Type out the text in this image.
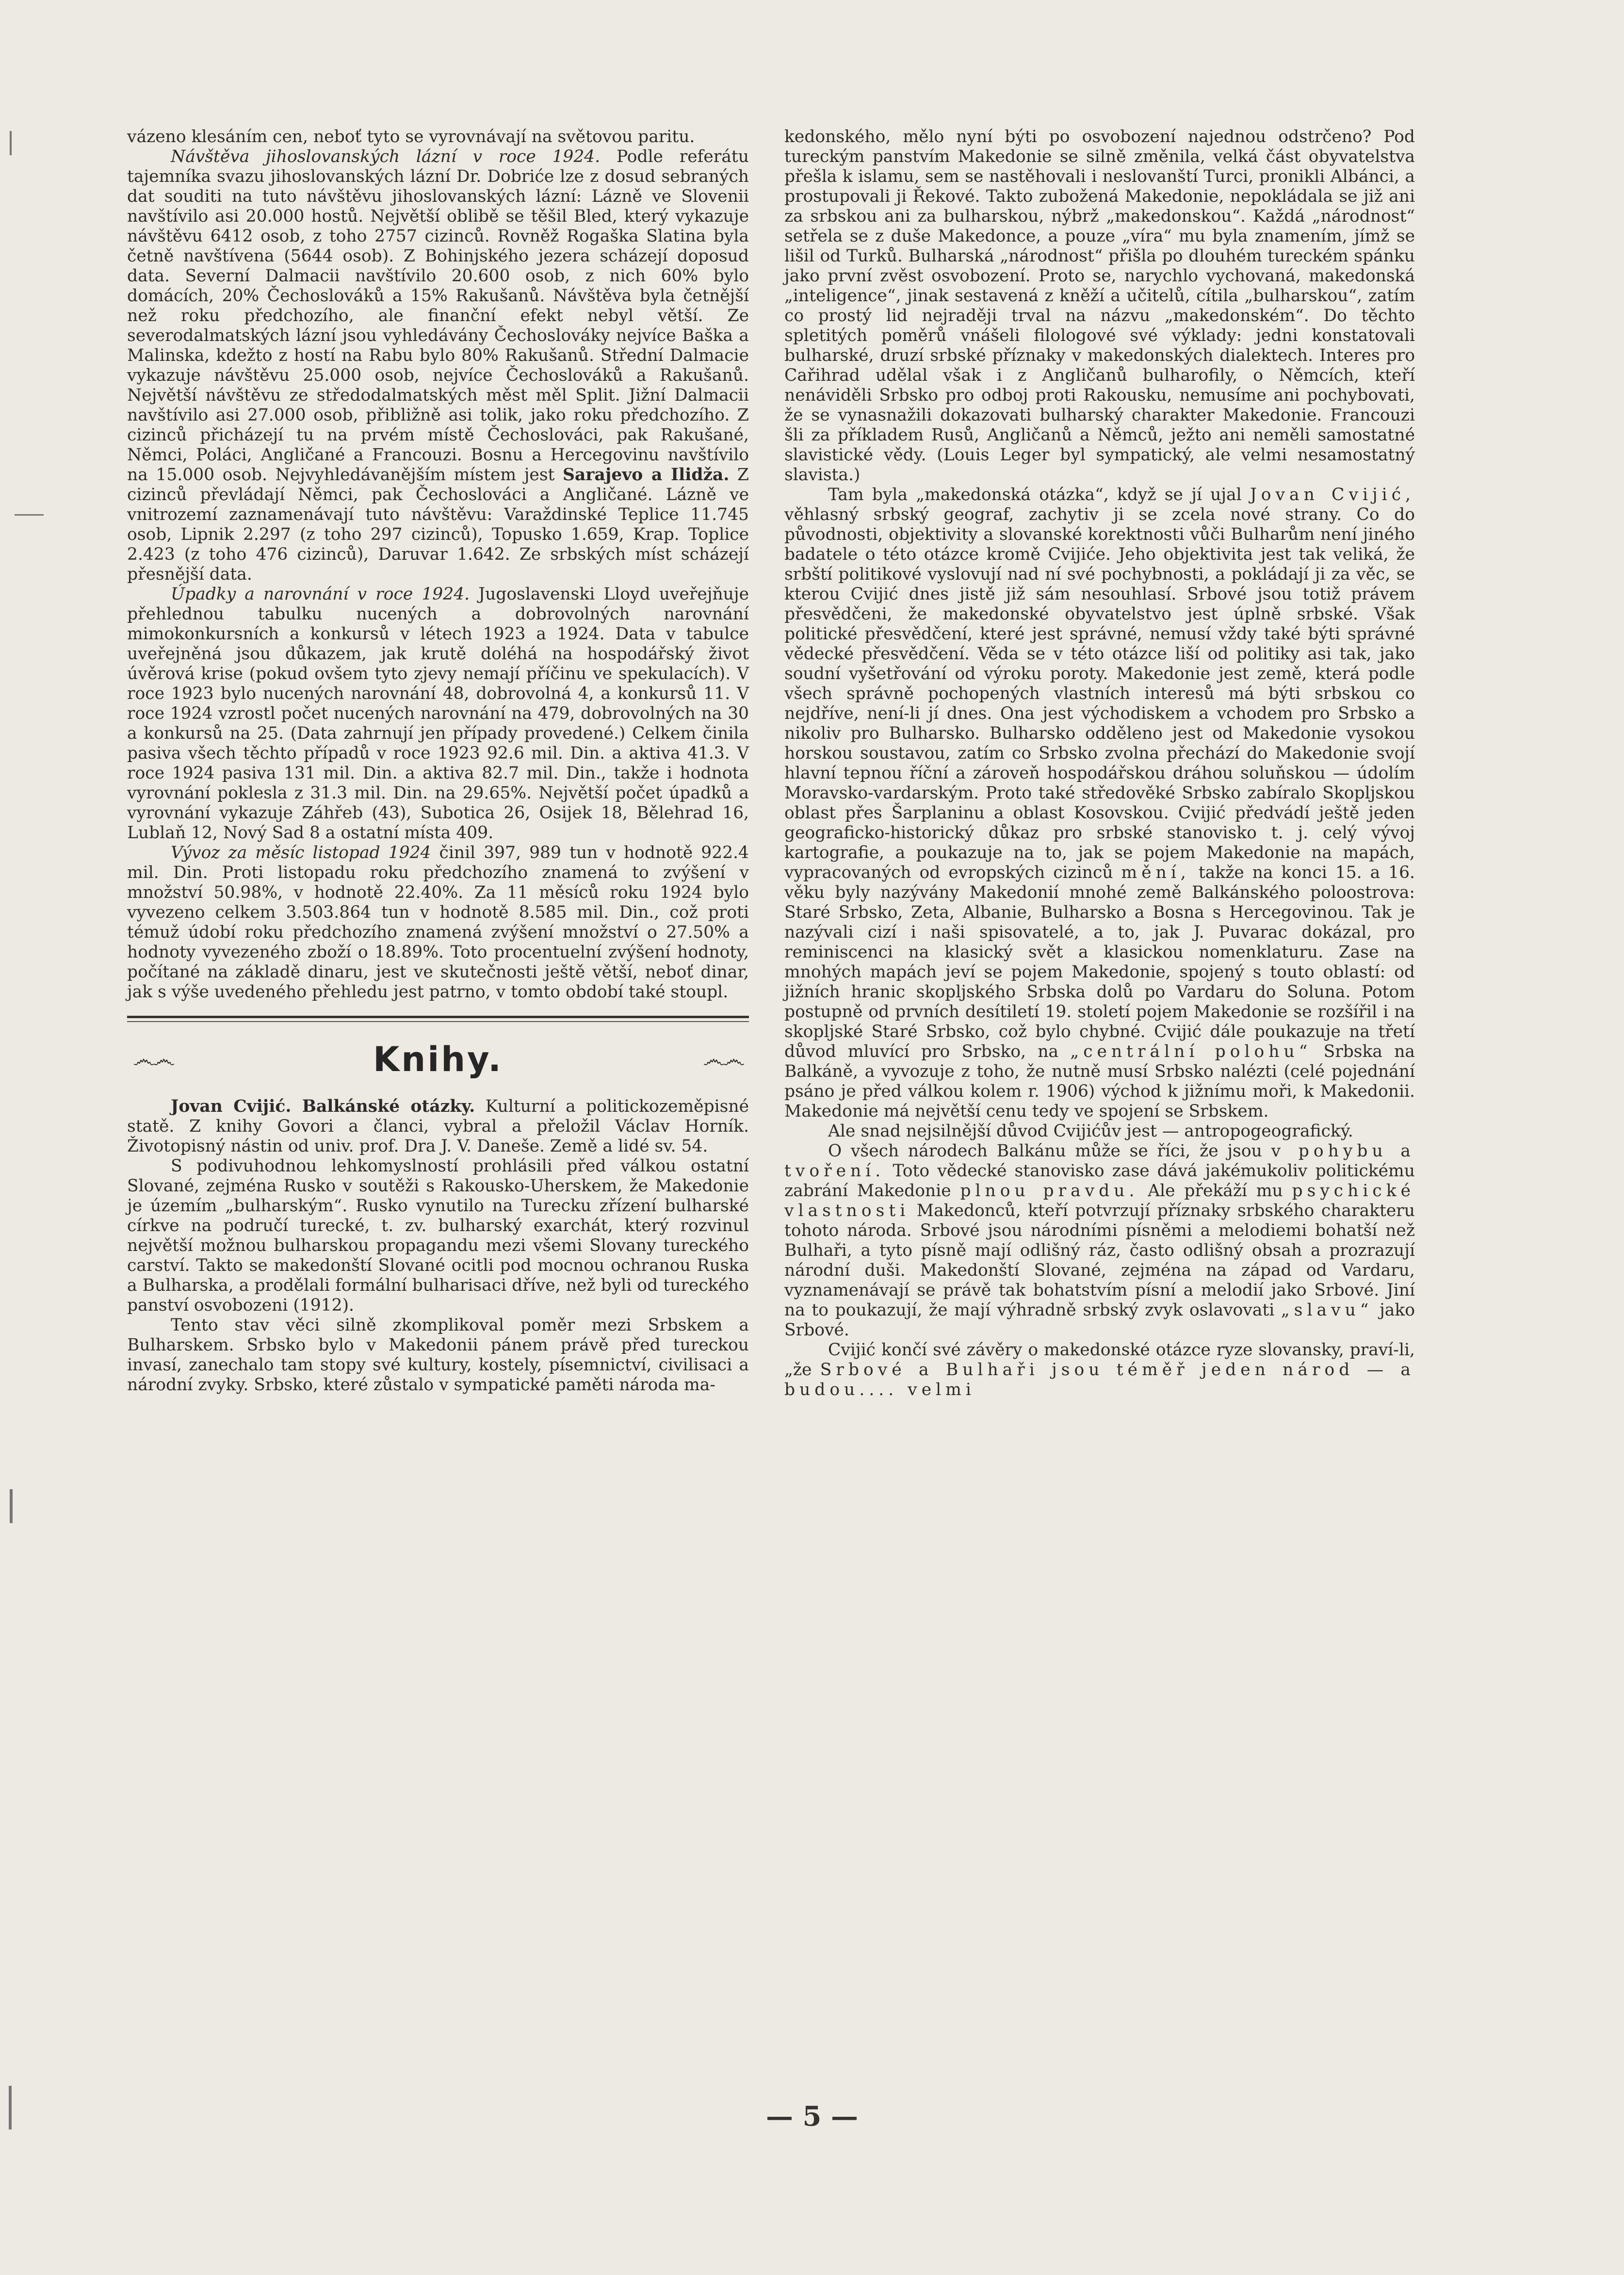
vázeno klesáním cen, neboť tyto se vyrovnávají na světovou paritu.

Návštěva jihoslovanských lázní v roce 1924. Podle referátu tajemníka svazu jihoslovanských lázní Dr. Dobriće lze z dosud sebraných dat souditi na tuto návštěvu jihoslovanských lázní: Lázně ve Slovenii navštívilo asi 20.000 hostů. Největší oblibě se těšil Bled, který vykazuje návštěvu 6412 osob, z toho 2757 cizinců. Rovněž Rogaška Slatina byla četně navštívena (5644 osob). Z Bohinjského jezera scházejí doposud data. Severní Dalmacii navštívilo 20.600 osob, z nich 60% bylo domácích, 20% Čechoslováků a 15% Rakušanů. Návštěva byla četnější než roku předchozího, ale finanční efekt nebyl větší. Ze severodalmatských lázní jsou vyhledávány Čechoslováky nejvíce Baška a Malinska, kdežto z hostí na Rabu bylo 80% Rakušanů. Střední Dalmacie vykazuje návštěvu 25.000 osob, nejvíce Čechoslováků a Rakušanů. Největší návštěvu ze středodalmatských měst měl Split. Jižní Dalmacii navštívilo asi 27.000 osob, přibližně asi tolik, jako roku předchozího. Z cizinců přicházejí tu na prvém místě Čechoslováci, pak Rakušané, Němci, Poláci, Angličané a Francouzi. Bosnu a Hercegovinu navštívilo na 15.000 osob. Nejvyhledávanějším místem jest Sarajevo a Ilidža. Z cizinců převládají Němci, pak Čechoslováci a Angličané. Lázně ve vnitrozemí zaznamenávají tuto návštěvu: Varaždinské Teplice 11.745 osob, Lipnik 2.297 (z toho 297 cizinců), Topusko 1.659, Krap. Toplice 2.423 (z toho 476 cizinců), Daruvar 1.642. Ze srbských míst scházejí přesnější data.

Úpadky a narovnání v roce 1924. Jugoslavenski Lloyd uveřejňuje přehlednou tabulku nucených a dobrovolných narovnání mimokonkursních a konkursů v létech 1923 a 1924. Data v tabulce uveřejněná jsou důkazem, jak krutě doléhá na hospodářský život úvěrová krise (pokud ovšem tyto zjevy nemají příčinu ve spekulacích). V roce 1923 bylo nucených narovnání 48, dobrovolná 4, a konkursů 11. V roce 1924 vzrostl počet nucených narovnání na 479, dobrovolných na 30 a konkursů na 25. (Data zahrnují jen případy provedené.) Celkem činila pasiva všech těchto případů v roce 1923 92.6 mil. Din. a aktiva 41.3. V roce 1924 pasiva 131 mil. Din. a aktiva 82.7 mil. Din., takže i hodnota vyrovnání poklesla z 31.3 mil. Din. na 29.65%. Největší počet úpadků a vyrovnání vykazuje Záhřeb (43), Subotica 26, Osijek 18, Bělehrad 16, Lublaň 12, Nový Sad 8 a ostatní místa 409.

Vývoz za měsíc listopad 1924 činil 397, 989 tun v hodnotě 922.4 mil. Din. Proti listopadu roku předchozího znamená to zvýšení v množství 50.98%, v hodnotě 22.40%. Za 11 měsíců roku 1924 bylo vyvezeno celkem 3.503.864 tun v hodnotě 8.585 mil. Din., což proti témuž údobí roku předchozího znamená zvýšení množství o 27.50% a hodnoty vyvezeného zboží o 18.89%. Toto procentuelní zvýšení hodnoty, počítané na základě dinaru, jest ve skutečnosti ještě větší, neboť dinar, jak s výše uvedeného přehledu jest patrno, v tomto období také stoupl.

෴෴	Knihy.	෴෴

Jovan Cvijić. Balkánské otázky. Kulturní a politickozeměpisné statě. Z knihy Govori a članci, vybral a přeložil Václav Horník. Životopisný nástin od univ. prof. Dra J. V. Daneše. Země a lidé sv. 54.

S podivuhodnou lehkomyslností prohlásili před válkou ostatní Slované, zejména Rusko v soutěži s Rakousko-Uherskem, že Makedonie je územím „bulharským“. Rusko vynutilo na Turecku zřízení bulharské církve na područí turecké, t. zv. bulharský exarchát, který rozvinul největší možnou bulharskou propagandu mezi všemi Slovany tureckého carství. Takto se makedonští Slované ocitli pod mocnou ochranou Ruska a Bulharska, a prodělali formální bulharisaci dříve, než byli od tureckého panství osvobozeni (1912).

Tento stav věci silně zkomplikoval poměr mezi Srbskem a Bulharskem. Srbsko bylo v Makedonii pánem právě před tureckou invasí, zanechalo tam stopy své kultury, kostely, písemnictví, civilisaci a národní zvyky. Srbsko, které zůstalo v sympatické paměti národa ma-

kedonského, mělo nyní býti po osvobození najednou odstrčeno? Pod tureckým panstvím Makedonie se silně změnila, velká část obyvatelstva přešla k islamu, sem se nastěhovali i neslovanští Turci, pronikli Albánci, a prostupovali ji Řekové. Takto zubožená Makedonie, nepokládala se již ani za srbskou ani za bulharskou, nýbrž „makedonskou“. Každá „národnost“ setřela se z duše Makedonce, a pouze „víra“ mu byla znamením, jímž se lišil od Turků. Bulharská „národnost“ přišla po dlouhém tureckém spánku jako první zvěst osvobození. Proto se, narychlo vychovaná, makedonská „inteligence“, jinak sestavená z kněží a učitelů, cítila „bulharskou“, zatím co prostý lid nejraději trval na názvu „makedonském“. Do těchto spletitých poměrů vnášeli filologové své výklady: jedni konstatovali bulharské, druzí srbské příznaky v makedonských dialektech. Interes pro Cařihrad udělal však i z Angličanů bulharofily, o Němcích, kteří nenáviděli Srbsko pro odboj proti Rakousku, nemusíme ani pochybovati, že se vynasnažili dokazovati bulharský charakter Makedonie. Francouzi šli za příkladem Rusů, Angličanů a Němců, ježto ani neměli samostatné slavistické vědy. (Louis Leger byl sympatický, ale velmi nesamostatný slavista.)

Tam byla „makedonská otázka“, když se jí ujal Jovan Cvijić, věhlasný srbský geograf, zachytiv ji se zcela nové strany. Co do původnosti, objektivity a slovanské korektnosti vůči Bulharům není jiného badatele o této otázce kromě Cvijiće. Jeho objektivita jest tak veliká, že srbští politikové vyslovují nad ní své pochybnosti, a pokládají ji za věc, se kterou Cvijić dnes jistě již sám nesouhlasí. Srbové jsou totiž právem přesvědčeni, že makedonské obyvatelstvo jest úplně srbské. Však politické přesvědčení, které jest správné, nemusí vždy také býti správné vědecké přesvědčení. Věda se v této otázce liší od politiky asi tak, jako soudní vyšetřování od výroku poroty. Makedonie jest země, která podle všech správně pochopených vlastních interesů má býti srbskou co nejdříve, není-li jí dnes. Ona jest východiskem a vchodem pro Srbsko a nikoliv pro Bulharsko. Bulharsko odděleno jest od Makedonie vysokou horskou soustavou, zatím co Srbsko zvolna přechází do Makedonie svojí hlavní tepnou říční a zároveň hospodářskou dráhou soluňskou — údolím Moravsko-vardarským. Proto také středověké Srbsko zabíralo Skopljskou oblast přes Šarplaninu a oblast Kosovskou. Cvijić předvádí ještě jeden geograficko-historický důkaz pro srbské stanovisko t. j. celý vývoj kartografie, a poukazuje na to, jak se pojem Makedonie na mapách, vypracovaných od evropských cizinců mění, takže na konci 15. a 16. věku byly nazývány Makedonií mnohé země Balkánského poloostrova: Staré Srbsko, Zeta, Albanie, Bulharsko a Bosna s Hercegovinou. Tak je nazývali cizí i naši spisovatelé, a to, jak J. Puvarac dokázal, pro reminiscenci na klasický svět a klasickou nomenklaturu. Zase na mnohých mapách jeví se pojem Makedonie, spojený s touto oblastí: od jižních hranic skopljského Srbska dolů po Vardaru do Soluna. Potom postupně od prvních desítiletí 19. století pojem Makedonie se rozšířil i na skopljské Staré Srbsko, což bylo chybné. Cvijić dále poukazuje na třetí důvod mluvící pro Srbsko, na „centrální polohu“ Srbska na Balkáně, a vyvozuje z toho, že nutně musí Srbsko nalézti (celé pojednání psáno je před válkou kolem r. 1906) východ k jižnímu moři, k Makedonii. Makedonie má největší cenu tedy ve spojení se Srbskem.

Ale snad nejsilnější důvod Cvijićův jest — antropogeografický.

O všech národech Balkánu může se říci, že jsou v pohybu a tvoření. Toto vědecké stanovisko zase dává jakémukoliv politickému zabrání Makedonie plnou pravdu. Ale překáží mu psychické vlastnosti Makedonců, kteří potvrzují příznaky srbského charakteru tohoto národa. Srbové jsou národními písněmi a melodiemi bohatší než Bulhaři, a tyto písně mají odlišný ráz, často odlišný obsah a prozrazují národní duši. Makedonští Slované, zejména na západ od Vardaru, vyznamenávají se právě tak bohatstvím písní a melodií jako Srbové. Jiní na to poukazují, že mají výhradně srbský zvyk oslavovati „slavu“ jako Srbové.

Cvijić končí své závěry o makedonské otázce ryze slovansky, praví-li, „že Srbové a Bulhaři jsou téměř jeden národ — a budou.... velmi

— 5 —
